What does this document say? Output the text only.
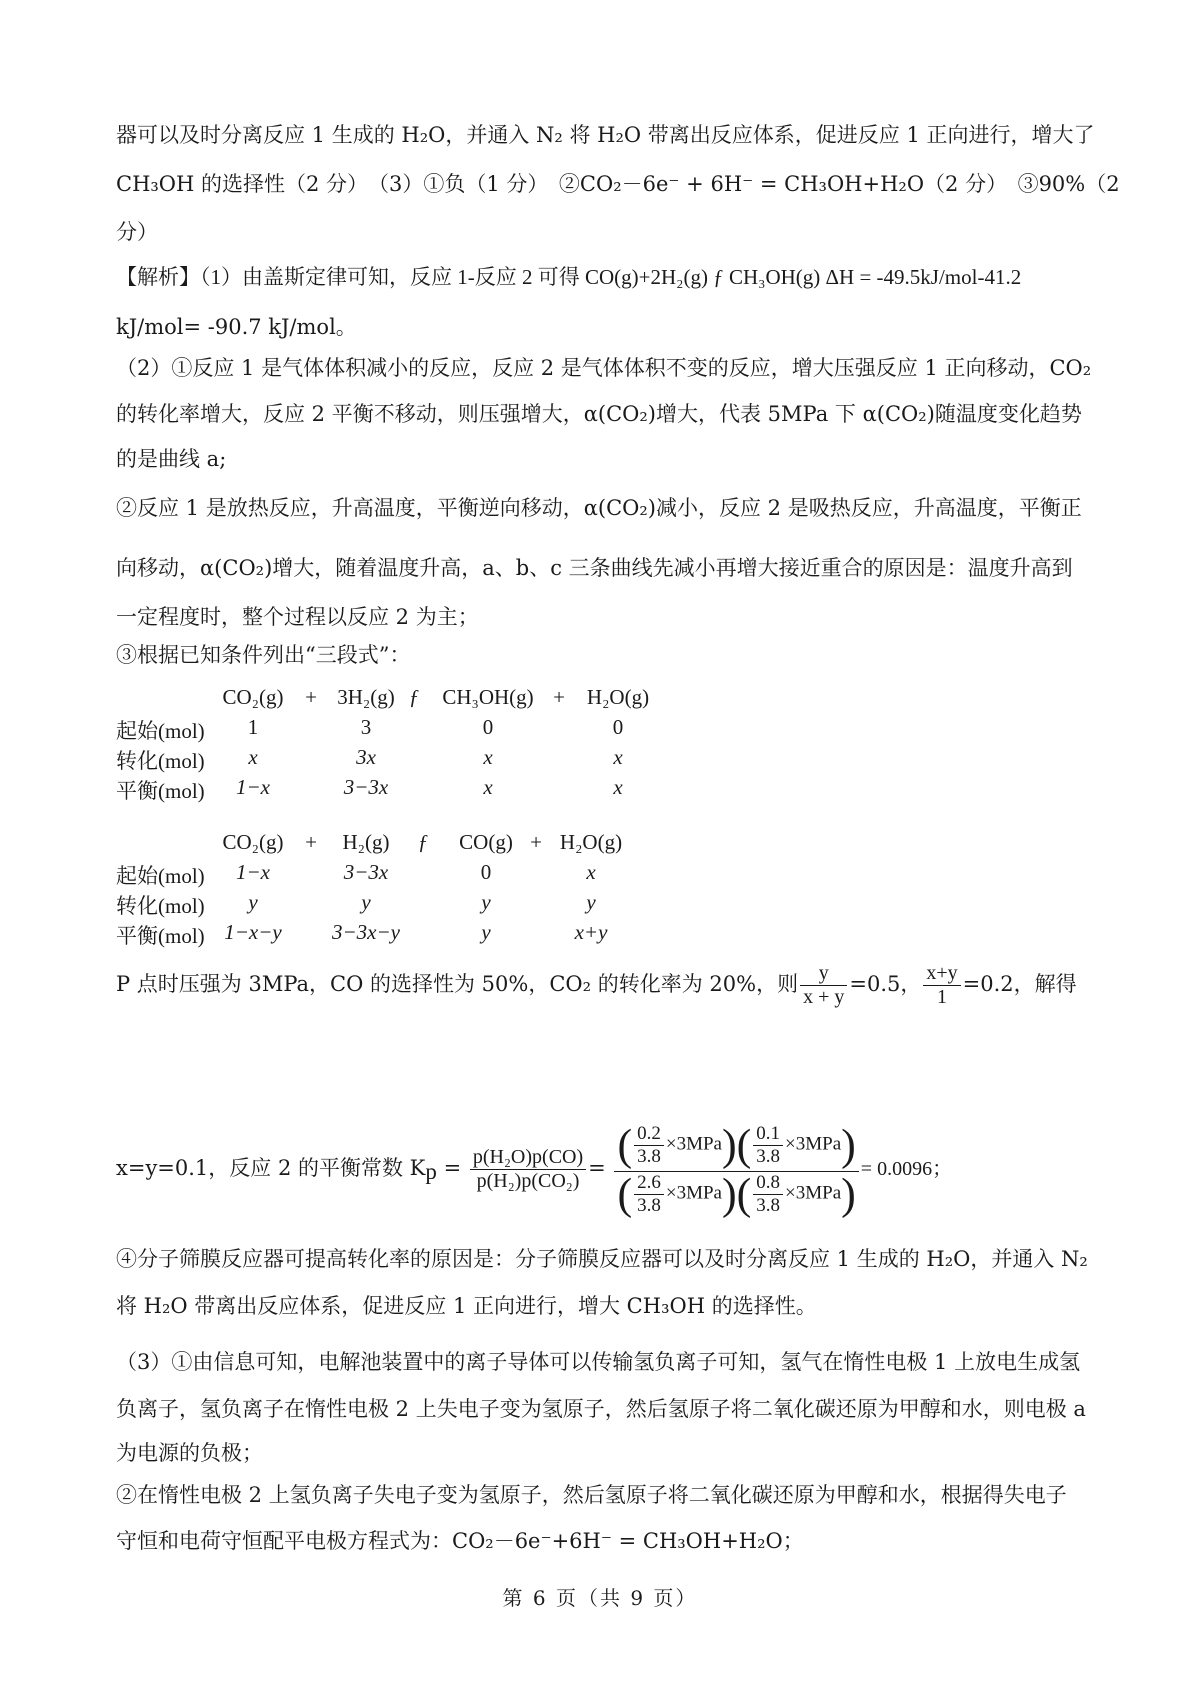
器可以及时分离反应 1 生成的 H₂O，并通入 N₂ 将 H₂O 带离出反应体系，促进反应 1 正向进行，增大了
CH₃OH 的选择性（2 分）　（3）①负（1 分）　②CO₂－6e⁻ + 6H⁻ = CH₃OH+H₂O（2 分）　③90%（2
分）
【解析】（1）由盖斯定律可知，反应 1-反应 2 可得 CO(g)+2H₂(g) ƒ CH₃OH(g) ΔH = -49.5kJ/mol-41.2
kJ/mol= -90.7 kJ/mol。
（2）①反应 1 是气体体积减小的反应，反应 2 是气体体积不变的反应，增大压强反应 1 正向移动，CO₂
的转化率增大，反应 2 平衡不移动，则压强增大，α(CO₂)增大，代表 5MPa 下 α(CO₂)随温度变化趋势
的是曲线 a;
②反应 1 是放热反应，升高温度，平衡逆向移动，α(CO₂)减小，反应 2 是吸热反应，升高温度，平衡正
向移动，α(CO₂)增大，随着温度升高，a、b、c 三条曲线先减小再增大接近重合的原因是：温度升高到
一定程度时，整个过程以反应 2 为主；
③根据已知条件列出“三段式”：
CO₂(g)	+ 3H₂(g) ƒ	CH₃OH(g) +	H₂O(g)
起始(mol)	1	3	0	0
转化(mol)	x	3x	x	x
平衡(mol)	1−x	3−3x	x	x
CO₂(g)	+	H₂(g)	ƒ	CO(g) + H₂O(g)
起始(mol)	1−x	3−3x	0	x
转化(mol)	y	y	y	y
平衡(mol) 1−x−y	3−3x−y	y	x+y
P 点时压强为 3MPa，CO 的选择性为 50%，CO₂ 的转化率为 20%，则 $\frac{y}{x + y} =0.5$， $\frac{x+y}{1} =0.2$，解得
x=y=0.1，反应 2 的平衡常数 $K_p = \frac{\text{p(H₂O)p(CO)}}{\text{p(H₂)p(CO₂)}} = \frac{( \frac{0.2}{3.8} \times 3MPa)( \frac{0.1}{3.8} \times 3MPa)}{( \frac{2.6}{3.8} \times 3MPa)( \frac{0.8}{3.8} \times 3MPa)} = 0.0096$；
④分子筛膜反应器可提高转化率的原因是：分子筛膜反应器可以及时分离反应 1 生成的 H₂O，并通入 N₂
将 H₂O 带离出反应体系，促进反应 1 正向进行，增大 CH₃OH 的选择性。
（3）①由信息可知，电解池装置中的离子导体可以传输氢负离子可知，氢气在惰性电极 1 上放电生成氢
负离子，氢负离子在惰性电极 2 上失电子变为氢原子，然后氢原子将二氧化碳还原为甲醇和水，则电极 a
为电源的负极；
②在惰性电极 2 上氢负离子失电子变为氢原子，然后氢原子将二氧化碳还原为甲醇和水，根据得失电子
守恒和电荷守恒配平电极方程式为：CO₂－6e⁻+6H⁻ = CH₃OH+H₂O；
第 6 页（共 9 页）
